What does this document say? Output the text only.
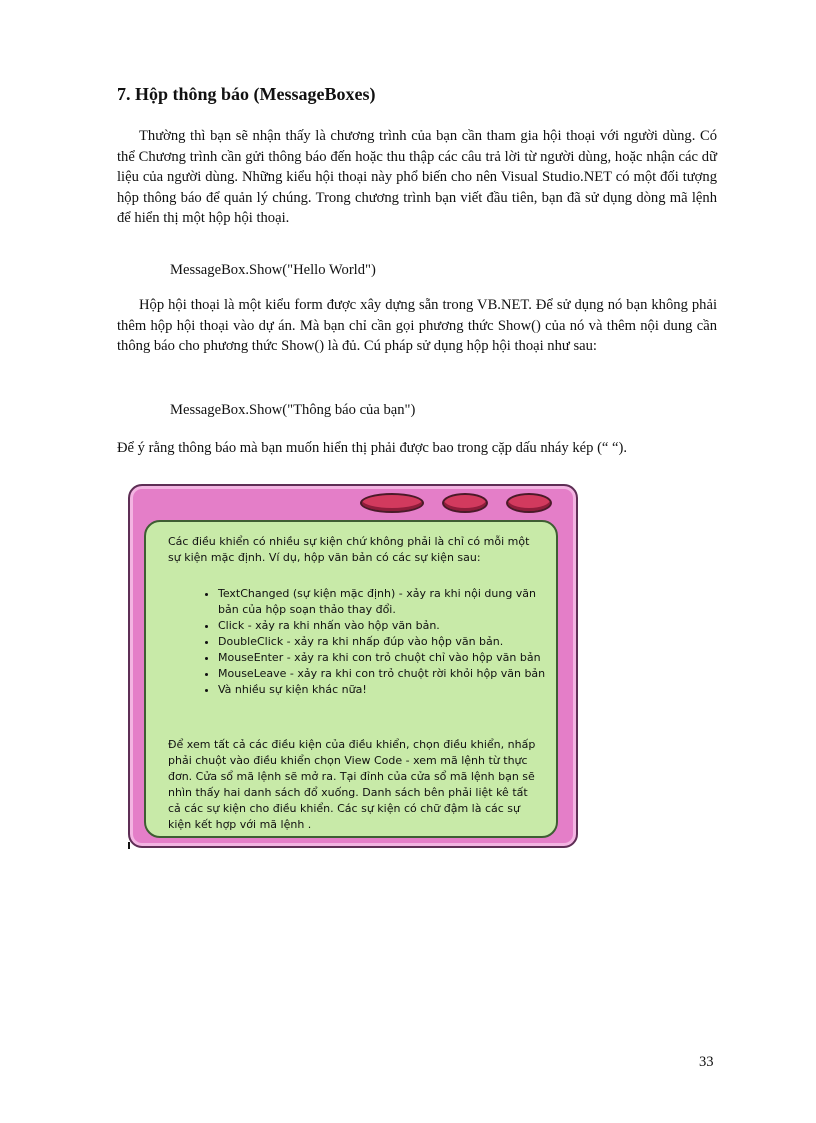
7. Hộp thông báo (MessageBoxes)

Thường thì bạn sẽ nhận thấy là chương trình của bạn cần tham gia hội thoại với người dùng. Có thể Chương trình cần gửi thông báo đến hoặc thu thập các câu trả lời từ người dùng, hoặc nhận các dữ liệu của người dùng. Những kiểu hội thoại này phổ biến cho nên Visual Studio.NET có một đối tượng hộp thông báo để quản lý chúng. Trong chương trình bạn viết đầu tiên, bạn đã sử dụng dòng mã lệnh để hiển thị một hộp hội thoại.

MessageBox.Show("Hello World")

Hộp hội thoại là một kiểu form được xây dựng sẵn trong VB.NET. Để sử dụng nó bạn không phải thêm hộp hội thoại vào dự án. Mà bạn chỉ cần gọi phương thức Show() của nó và thêm nội dung cần thông báo cho phương thức Show() là đủ. Cú pháp sử dụng hộp hội thoại như sau:

MessageBox.Show("Thông báo của bạn")

Để ý rằng thông báo mà bạn muốn hiển thị phải được bao trong cặp dấu nháy kép (“ “).

Các điều khiển có nhiều sự kiện chứ không phải là chỉ có mỗi một sự kiện mặc định. Ví dụ, hộp văn bản có các sự kiện sau:

• TextChanged (sự kiện mặc định) - xảy ra khi nội dung văn bản của hộp soạn thảo thay đổi.
• Click - xảy ra khi nhấn vào hộp văn bản.
• DoubleClick - xảy ra khi nhấp đúp vào hộp văn bản.
• MouseEnter - xảy ra khi con trỏ chuột chỉ vào hộp văn bản
• MouseLeave - xảy ra khi con trỏ chuột rời khỏi hộp văn bản
• Và nhiều sự kiện khác nữa!

Để xem tất cả các điều kiện của điều khiển, chọn điều khiển, nhấp phải chuột vào điều khiển chọn View Code - xem mã lệnh từ thực đơn. Cửa sổ mã lệnh sẽ mở ra. Tại đỉnh của cửa sổ mã lệnh bạn sẽ nhìn thấy hai danh sách đổ xuống. Danh sách bên phải liệt kê tất cả các sự kiện cho điều khiển. Các sự kiện có chữ đậm là các sự kiện kết hợp với mã lệnh .

33
